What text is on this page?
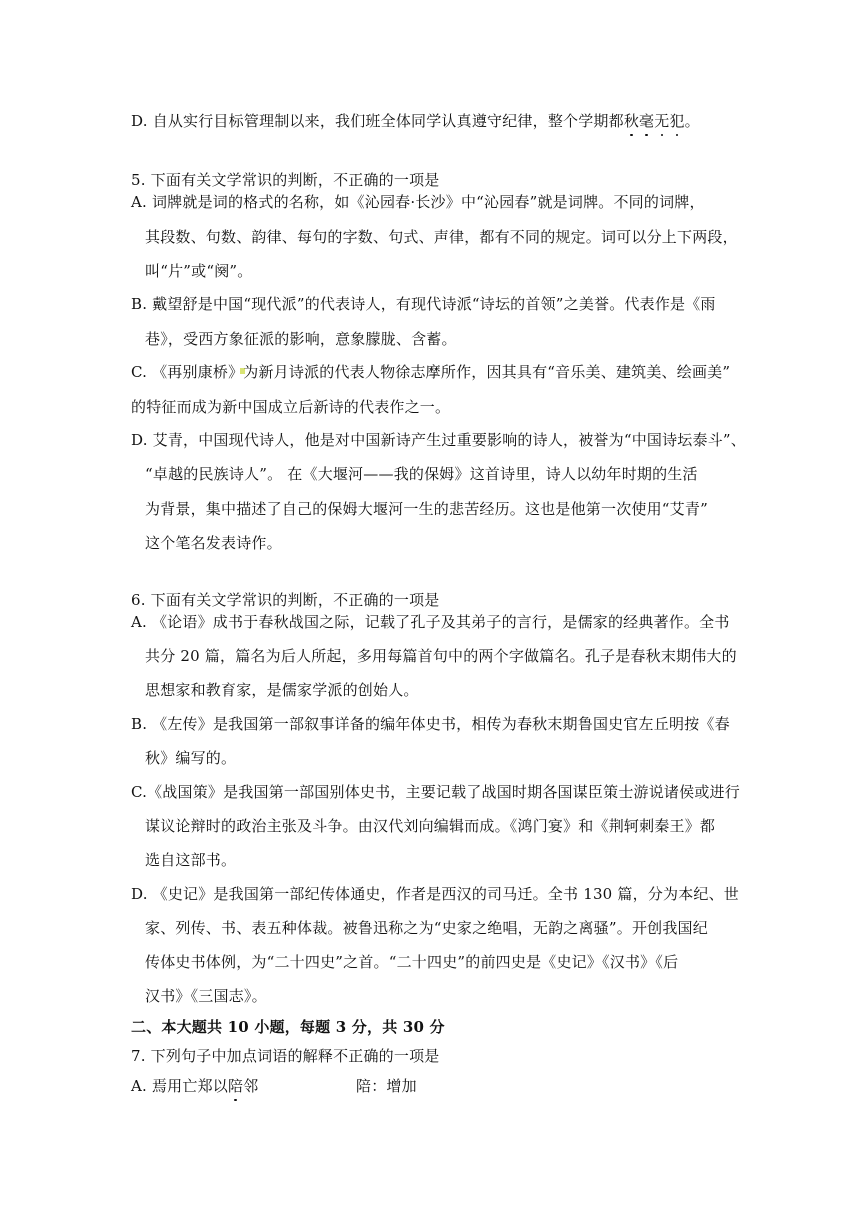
D. 自从实行目标管理制以来，我们班全体同学认真遵守纪律，整个学期都秋毫无犯。
5. 下面有关文学常识的判断，不正确的一项是
A. 词牌就是词的格式的名称，如《沁园春·长沙》中“沁园春”就是词牌。不同的词牌，
其段数、句数、韵律、每句的字数、句式、声律，都有不同的规定。词可以分上下两段，
叫“片”或“阕”。
B. 戴望舒是中国“现代派”的代表诗人，有现代诗派“诗坛的首领”之美誉。代表作是《雨
巷》，受西方象征派的影响，意象朦胧、含蓄。
C. 《再别康桥》为新月诗派的代表人物徐志摩所作，因其具有“音乐美、建筑美、绘画美”
的特征而成为新中国成立后新诗的代表作之一。
D. 艾青，中国现代诗人，他是对中国新诗产生过重要影响的诗人，被誉为“中国诗坛泰斗”、
“卓越的民族诗人”。 在《大堰河——我的保姆》这首诗里，诗人以幼年时期的生活
为背景，集中描述了自己的保姆大堰河一生的悲苦经历。这也是他第一次使用“艾青”
这个笔名发表诗作。
6. 下面有关文学常识的判断，不正确的一项是
A. 《论语》成书于春秋战国之际，记载了孔子及其弟子的言行，是儒家的经典著作。全书
共分 20 篇，篇名为后人所起，多用每篇首句中的两个字做篇名。孔子是春秋末期伟大的
思想家和教育家，是儒家学派的创始人。
B. 《左传》是我国第一部叙事详备的编年体史书，相传为春秋末期鲁国史官左丘明按《春
秋》编写的。
C.《战国策》是我国第一部国别体史书，主要记载了战国时期各国谋臣策士游说诸侯或进行
谋议论辩时的政治主张及斗争。由汉代刘向编辑而成。《鸿门宴》和《荆轲刺秦王》都
选自这部书。
D. 《史记》是我国第一部纪传体通史，作者是西汉的司马迁。全书 130 篇，分为本纪、世
家、列传、书、表五种体裁。被鲁迅称之为“史家之绝唱，无韵之离骚”。开创我国纪
传体史书体例，为“二十四史”之首。“二十四史”的前四史是《史记》《汉书》《后
汉书》《三国志》。
二、本大题共 10 小题，每题 3 分，共 30 分
7. 下列句子中加点词语的解释不正确的一项是
A. 焉用亡郑以陪邻	陪：增加
